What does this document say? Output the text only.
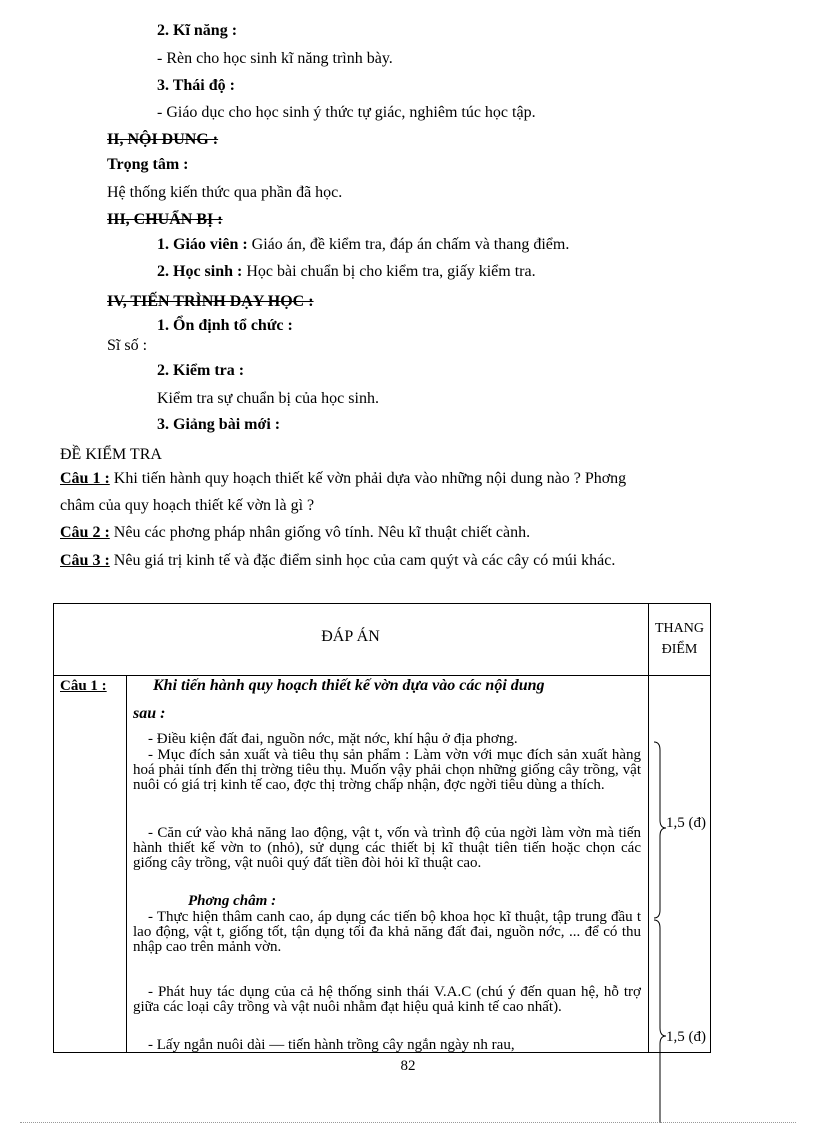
2. Kĩ năng :
- Rèn cho học sinh kĩ năng trình bày.
3. Thái độ :
- Giáo dục cho học sinh ý thức tự giác, nghiêm túc học tập.
II, NỘI DUNG :
Trọng tâm :
Hệ thống kiến thức qua phần đã học.
III, CHUẨN BỊ :
1. Giáo viên : Giáo án, đề kiểm tra, đáp án chấm và thang điểm.
2. Học sinh : Học bài chuẩn bị cho kiểm tra, giấy kiểm tra.
IV, TIẾN TRÌNH DẠY HỌC :
1. Ổn định tổ chức :
Sĩ số :
2. Kiểm tra :
Kiểm tra sự chuẩn bị của học sinh.
3. Giảng bài mới :
ĐỀ KIỂM TRA
Câu 1 : Khi tiến hành quy hoạch thiết kế vờn phải dựa vào những nội dung nào ? Phơng
châm của quy hoạch thiết kế vờn là gì ?
Câu 2 : Nêu các phơng pháp nhân giống vô tính. Nêu kĩ thuật chiết cành.
Câu 3 : Nêu giá trị kinh tế và đặc điểm sinh học của cam quýt và các cây có múi khác.
ĐÁP ÁN	THANG
ĐIỂM
Câu 1 :	Khi tiến hành quy hoạch thiết kế vờn dựa vào các nội dung
sau :
- Điều kiện đất đai, nguồn nớc, mặt nớc, khí hậu ở địa phơng.
- Mục đích sản xuất và tiêu thụ sản phẩm : Làm vờn với mục đích sản xuất hàng hoá phải tính đến thị trờng tiêu thụ. Muốn vậy phải chọn những giống cây trồng, vật nuôi có giá trị kinh tế cao, đợc thị trờng chấp nhận, đợc ngời tiêu dùng a thích.
- Căn cứ vào khả năng lao động, vật t, vốn và trình độ của ngời làm vờn mà tiến hành thiết kế vờn to (nhỏ), sử dụng các thiết bị kĩ thuật tiên tiến hoặc chọn các giống cây trồng, vật nuôi quý đất tiền đòi hỏi kĩ thuật cao.
Phơng châm :
- Thực hiện thâm canh cao, áp dụng các tiến bộ khoa học kĩ thuật, tập trung đầu t lao động, vật t, giống tốt, tận dụng tối đa khả năng đất đai, nguồn nớc, ... để có thu nhập cao trên mảnh vờn.
- Phát huy tác dụng của cả hệ thống sinh thái V.A.C (chú ý đến quan hệ, hỗ trợ giữa các loại cây trồng và vật nuôi nhằm đạt hiệu quả kinh tế cao nhất).
- Lấy ngắn nuôi dài — tiến hành trồng cây ngắn ngày nh rau,
1,5 (đ)
1,5 (đ)
82
